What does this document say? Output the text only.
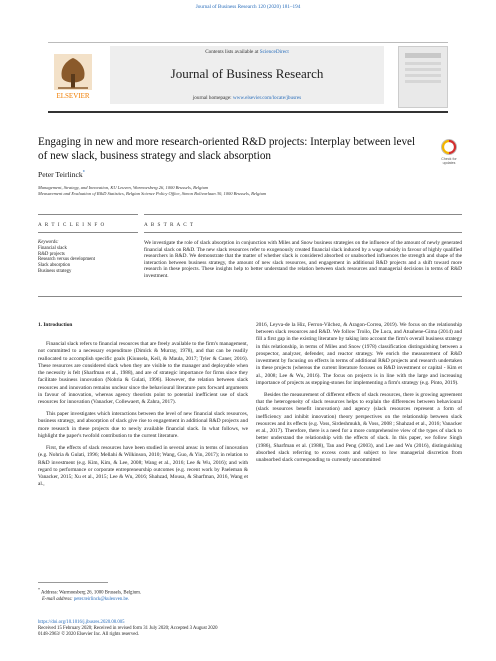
Journal of Business Research 120 (2020) 181–194
ELSEVIER
Contents lists available at ScienceDirect
Journal of Business Research
journal homepage: www.elsevier.com/locate/jbusres
Engaging in new and more research-oriented R&D projects: Interplay between level of new slack, business strategy and slack absorption	Check for
updates
Peter Teirlinck*
Management, Strategy, and Innovation, KU Leuven, Warmoesberg 26, 1000 Brussels, Belgium
Measurement and Evaluation of R&D Statistics, Belgian Science Policy Office, Simon Bolivarlaan 30, 1000 Brussels, Belgium
A R T I C L E I N F O	A B S T R A C T
Keywords:
Financial slack
R&D projects
Research versus development
Slack absorption
Business strategy
We investigate the role of slack absorption in conjunction with Miles and Snow business strategies on the influence of the amount of newly generated financial slack on R&D. The new slack resources refer to exogenously created financial slack induced by a wage subsidy in favour of highly qualified researchers in R&D. We demonstrate that the matter of whether slack is considered absorbed or unabsorbed influences the strength and shape of the interaction between business strategy, the amount of new slack resources, and engagement in additional R&D projects and a shift toward more research in these projects. These insights help to better understand the relation between slack resources and managerial decisions in terms of R&D investment.
1. Introduction

Financial slack refers to financial resources that are freely available to the firm's management, not committed to a necessary expenditure (Dimick & Murray, 1978), and that can be readily reallocated to accomplish specific goals (Kiuusela, Keil, & Maula, 2017; Tyler & Caner, 2016). These resources are considered slack when they are visible to the manager and deployable when the necessity is felt (Sharfman et al., 1988), and are of strategic importance for firms since they facilitate business innovation (Nohria & Gulati, 1996). However, the relation between slack resources and innovation remains unclear since the behavioural literature puts forward arguments in favour of innovation, whereas agency theorists point to potential inefficient use of slack resources for innovation (Vanacker, Collewaert, & Zahra, 2017).

This paper investigates which interactions between the level of new financial slack resources, business strategy, and absorption of slack give rise to engagement in additional R&D projects and more research in these projects due to newly available financial slack. In what follows, we highlight the paper's twofold contribution to the current literature.

First, the effects of slack resources have been studied in several areas: in terms of innovation (e.g. Nohria & Gulati, 1996; Mellahi & Wilkinson, 2010; Wang, Guo, & Yin, 2017); in relation to R&D investment (e.g. Kim, Kim, & Lee, 2008; Wang et al., 2016; Lee & Wu, 2016); and with regard to performance or corporate entrepreneurship outcomes (e.g. recent work by Paeleman & Vanacker, 2015; Xu et al., 2015; Lee & Wu, 2016; Shahzad, Mousa, & Sharfman, 2016, Wang et al.,

2016, Leyva-de la Hiz, Ferron-Vilchez, & Aragon-Correa, 2019). We focus on the relationship between slack resources and R&D. We follow Troilo, De Luca, and Atuahene-Gima (2014) and fill a first gap in the existing literature by taking into account the firm's overall business strategy in this relationship, in terms of Miles and Snow (1978) classification distinguishing between a prospector, analyzer, defender, and reactor strategy. We enrich the measurement of R&D investment by focusing on effects in terms of additional R&D projects and research undertaken in these projects (whereas the current literature focuses on R&D investment or capital - Kim et al., 2008; Lee & Wu, 2016). The focus on projects is in line with the large and increasing importance of projects as stepping-stones for implementing a firm's strategy (e.g. Pinto, 2019).

Besides the measurement of different effects of slack resources, there is growing agreement that the heterogeneity of slack resources helps to explain the differences between behavioural (slack resources benefit innovation) and agency (slack resources represent a form of inefficiency and inhibit innovation) theory perspectives on the relationship between slack resources and its effects (e.g. Voss, Sirdeshmukh, & Voss, 2008 ; Shahzad et al., 2016; Vanacker et al., 2017). Therefore, there is a need for a more comprehensive view of the types of slack to better understand the relationship with the effects of slack. In this paper, we follow Singh (1986), Sharfman et al. (1988), Tan and Peng (2003), and Lee and Wu (2016), distinguishing absorbed slack referring to excess costs and subject to low managerial discretion from unabsorbed slack corresponding to currently uncommitted

* Address: Warmoesberg 26, 1000 Brussels, Belgium.
E-mail address: peter.teirlinck@kuleuven.be.
https://doi.org/10.1016/j.jbusres.2020.08.005
Received 15 February 2020; Received in revised form 31 July 2020; Accepted 3 August 2020
0148-2963/ © 2020 Elsevier Inc. All rights reserved.
